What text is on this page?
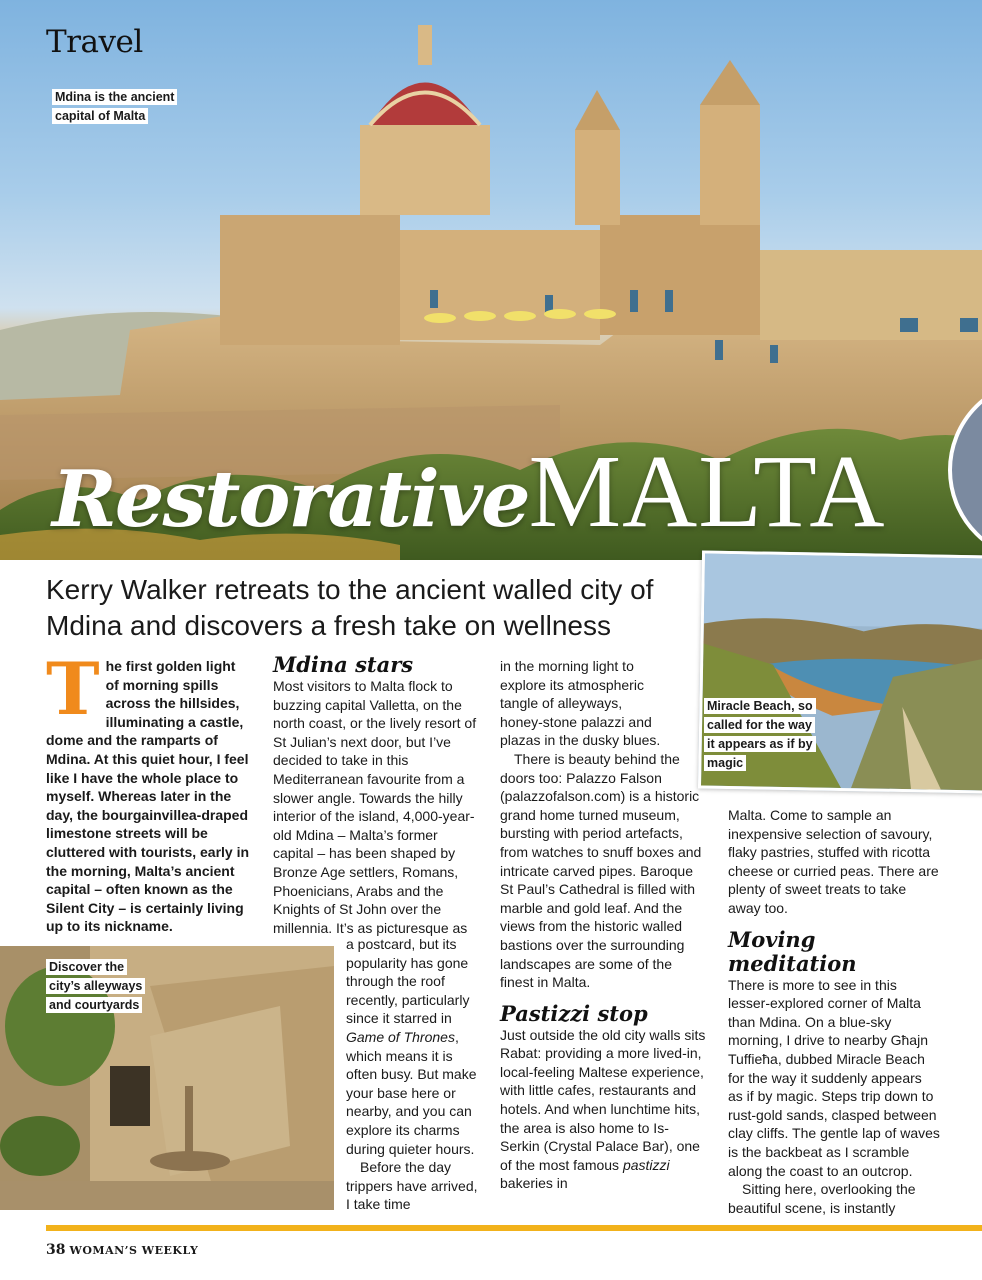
Travel
Mdina is the ancient capital of Malta
RestorativeMALTA
Kerry Walker retreats to the ancient walled city of Mdina and discovers a fresh take on wellness
Miracle Beach, so called for the way it appears as if by magic
Discover the city’s alleyways and courtyards
The first golden light of morning spills across the hillsides, illuminating a castle, dome and the ramparts of Mdina. At this quiet hour, I feel like I have the whole place to myself. Whereas later in the day, the bourgainvillea-draped limestone streets will be cluttered with tourists, early in the morning, Malta’s ancient capital – often known as the Silent City – is certainly living up to its nickname.
Mdina stars

Most visitors to Malta flock to buzzing capital Valletta, on the north coast, or the lively resort of St Julian’s next door, but I’ve decided to take in this Mediterranean favourite from a slower angle. Towards the hilly interior of the island, 4,000-year-old Mdina – Malta’s former capital – has been shaped by Bronze Age settlers, Romans, Phoenicians, Arabs and the Knights of St John over the millennia. It’s as picturesque as

a postcard, but its popularity has gone through the roof recently, particularly since it starred in Game of Thrones, which means it is often busy. But make your base here or nearby, and you can explore its charms during quieter hours.

Before the day trippers have arrived, I take time

in the morning light to explore its atmospheric tangle of alleyways, honey-stone palazzi and plazas in the dusky blues.

There is beauty behind the doors too: Palazzo Falson (palazzofalson.com) is a historic grand home turned museum, bursting with period artefacts, from watches to snuff boxes and intricate carved pipes. Baroque St Paul’s Cathedral is filled with marble and gold leaf. And the views from the historic walled bastions over the surrounding landscapes are some of the finest in Malta.

Pastizzi stop

Just outside the old city walls sits Rabat: providing a more lived-in, local-feeling Maltese experience, with little cafes, restaurants and hotels. And when lunchtime hits, the area is also home to Is-Serkin (Crystal Palace Bar), one of the most famous pastizzi bakeries in

Malta. Come to sample an inexpensive selection of savoury, flaky pastries, stuffed with ricotta cheese or curried peas. There are plenty of sweet treats to take away too.

Moving meditation

There is more to see in this lesser-explored corner of Malta than Mdina. On a blue-sky morning, I drive to nearby Għajn Tuffieħa, dubbed Miracle Beach for the way it suddenly appears as if by magic. Steps trip down to rust-gold sands, clasped between clay cliffs. The gentle lap of waves is the backbeat as I scramble along the coast to an outcrop.

Sitting here, overlooking the beautiful scene, is instantly

38 WOMAN’S WEEKLY
